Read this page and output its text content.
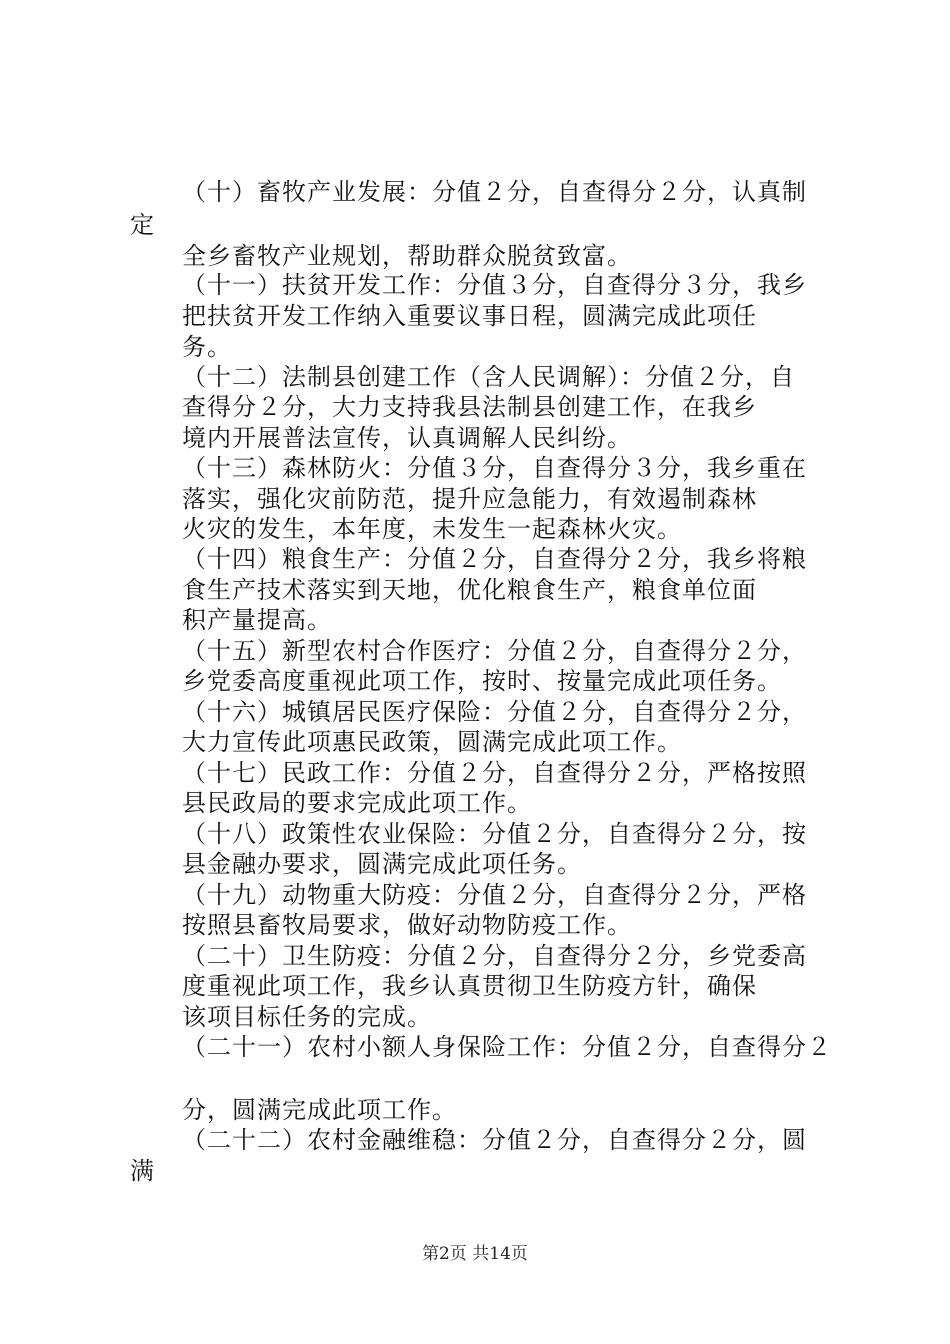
（十）畜牧产业发展：分值２分，自查得分２分，认真制
定
全乡畜牧产业规划，帮助群众脱贫致富。
（十一）扶贫开发工作：分值３分，自查得分３分，我乡
把扶贫开发工作纳入重要议事日程，圆满完成此项任
务。
（十二）法制县创建工作（含人民调解）：分值２分，自
查得分２分，大力支持我县法制县创建工作，在我乡
境内开展普法宣传，认真调解人民纠纷。
（十三）森林防火：分值３分，自查得分３分，我乡重在
落实，强化灾前防范，提升应急能力，有效遏制森林
火灾的发生，本年度，未发生一起森林火灾。
（十四）粮食生产：分值２分，自查得分２分，我乡将粮
食生产技术落实到天地，优化粮食生产，粮食单位面
积产量提高。
（十五）新型农村合作医疗：分值２分，自查得分２分，
乡党委高度重视此项工作，按时、按量完成此项任务。
（十六）城镇居民医疗保险：分值２分，自查得分２分，
大力宣传此项惠民政策，圆满完成此项工作。
（十七）民政工作：分值２分，自查得分２分，严格按照
县民政局的要求完成此项工作。
（十八）政策性农业保险：分值２分，自查得分２分，按
县金融办要求，圆满完成此项任务。
（十九）动物重大防疫：分值２分，自查得分２分，严格
按照县畜牧局要求，做好动物防疫工作。
（二十）卫生防疫：分值２分，自查得分２分，乡党委高
度重视此项工作，我乡认真贯彻卫生防疫方针，确保
该项目标任务的完成。
（二十一）农村小额人身保险工作：分值２分，自查得分２
分，圆满完成此项工作。
（二十二）农村金融维稳：分值２分，自查得分２分，圆
满
第2页 共14页
